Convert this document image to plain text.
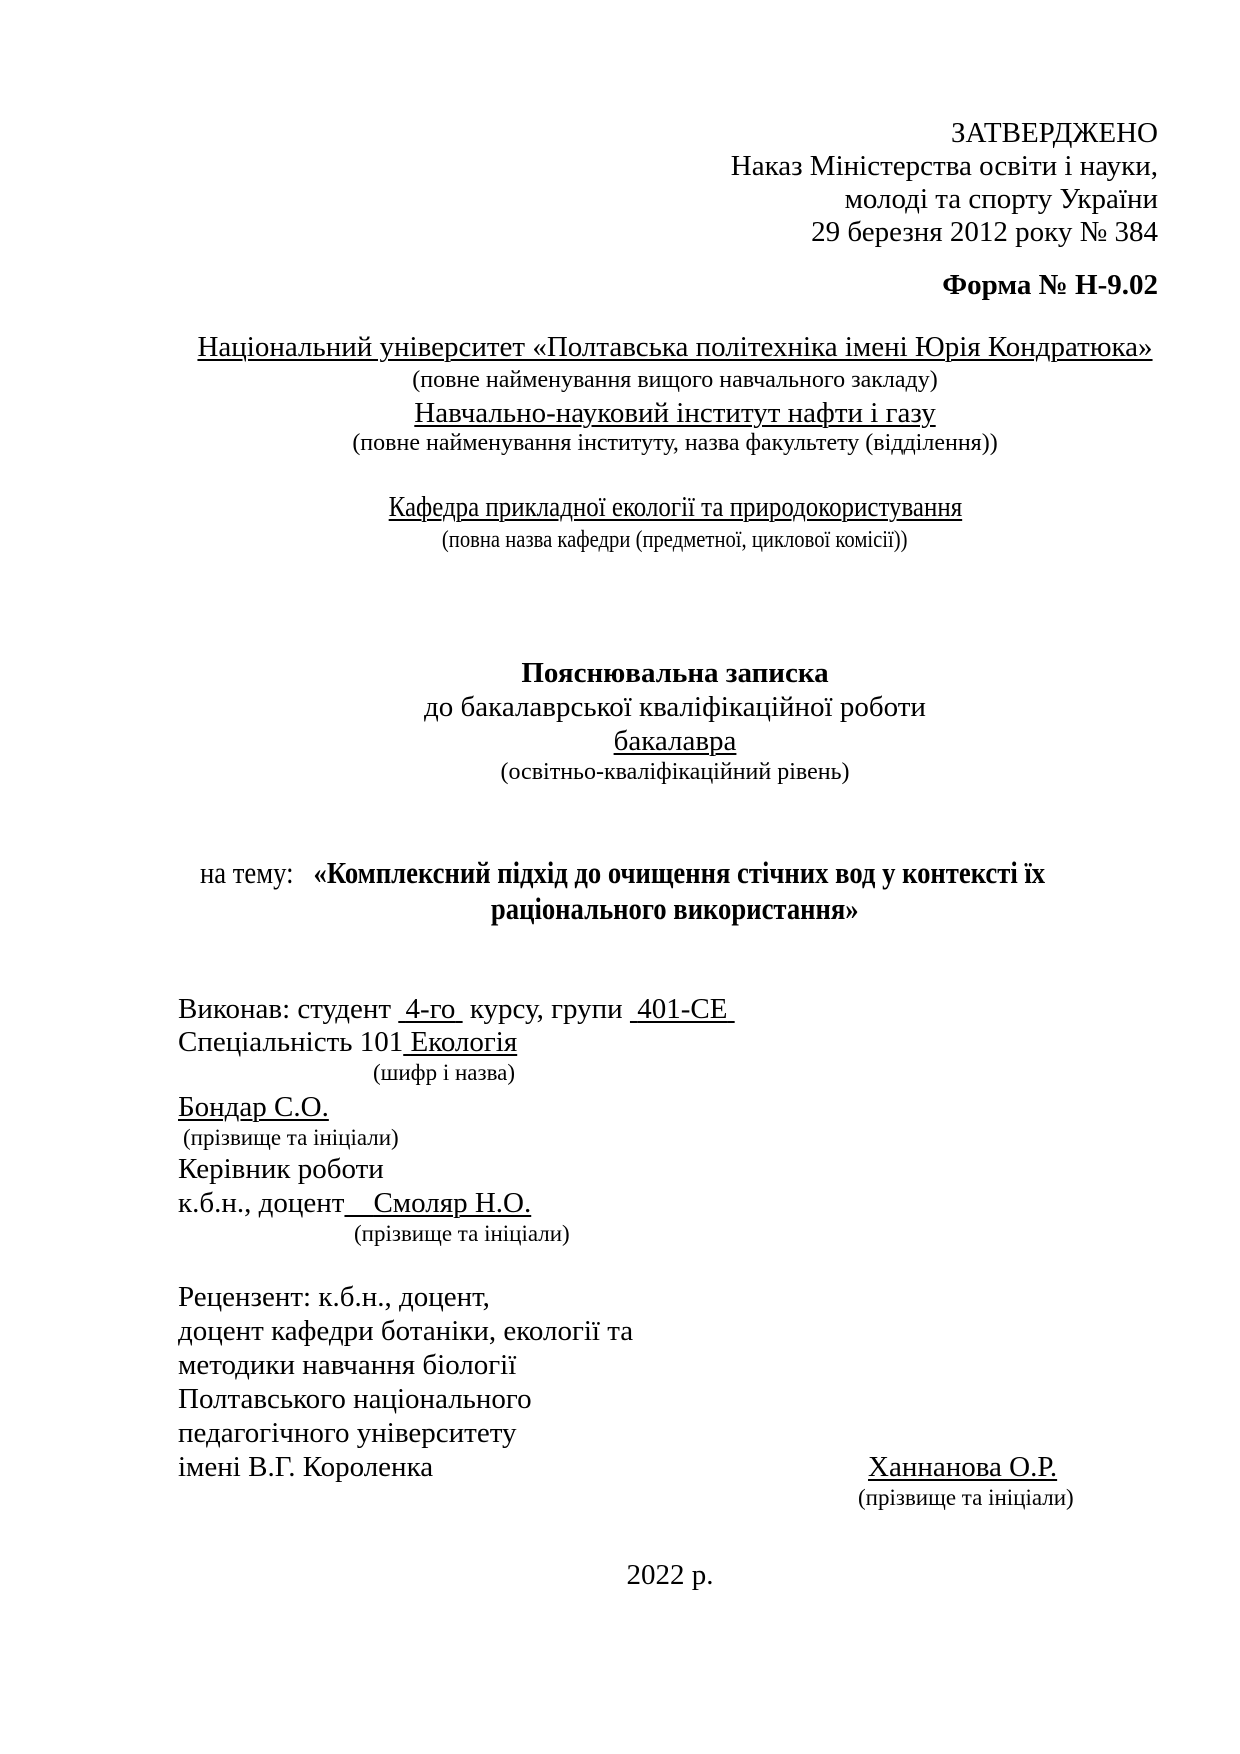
ЗАТВЕРДЖЕНО
Наказ Міністерства освіти і науки,
молоді та спорту України
29 березня 2012 року № 384
Форма № Н-9.02
Національний університет «Полтавська політехніка імені Юрія Кондратюка»
(повне найменування вищого навчального закладу)
Навчально-науковий інститут нафти і газу
(повне найменування інституту, назва факультету (відділення))
Кафедра прикладної екології та природокористування
(повна назва кафедри (предметної, циклової комісії))
Пояснювальна записка
до бакалаврської кваліфікаційної роботи
бакалавра
(освітньо-кваліфікаційний рівень)
на тему: «Комплексний підхід до очищення стічних вод у контексті їх
раціонального використання»
Виконав: студент 4-го курсу, групи 401-СЕ
Спеціальність 101 Екологія
(шифр і назва)
Бондар С.О.
(прізвище та ініціали)
Керівник роботи
к.б.н., доцент Смоляр Н.О.
(прізвище та ініціали)
Рецензент: к.б.н., доцент,
доцент кафедри ботаніки, екології та
методики навчання біології
Полтавського національного
педагогічного університету
імені В.Г. Короленка	Ханнанова О.Р.
(прізвище та ініціали)
2022 р.
